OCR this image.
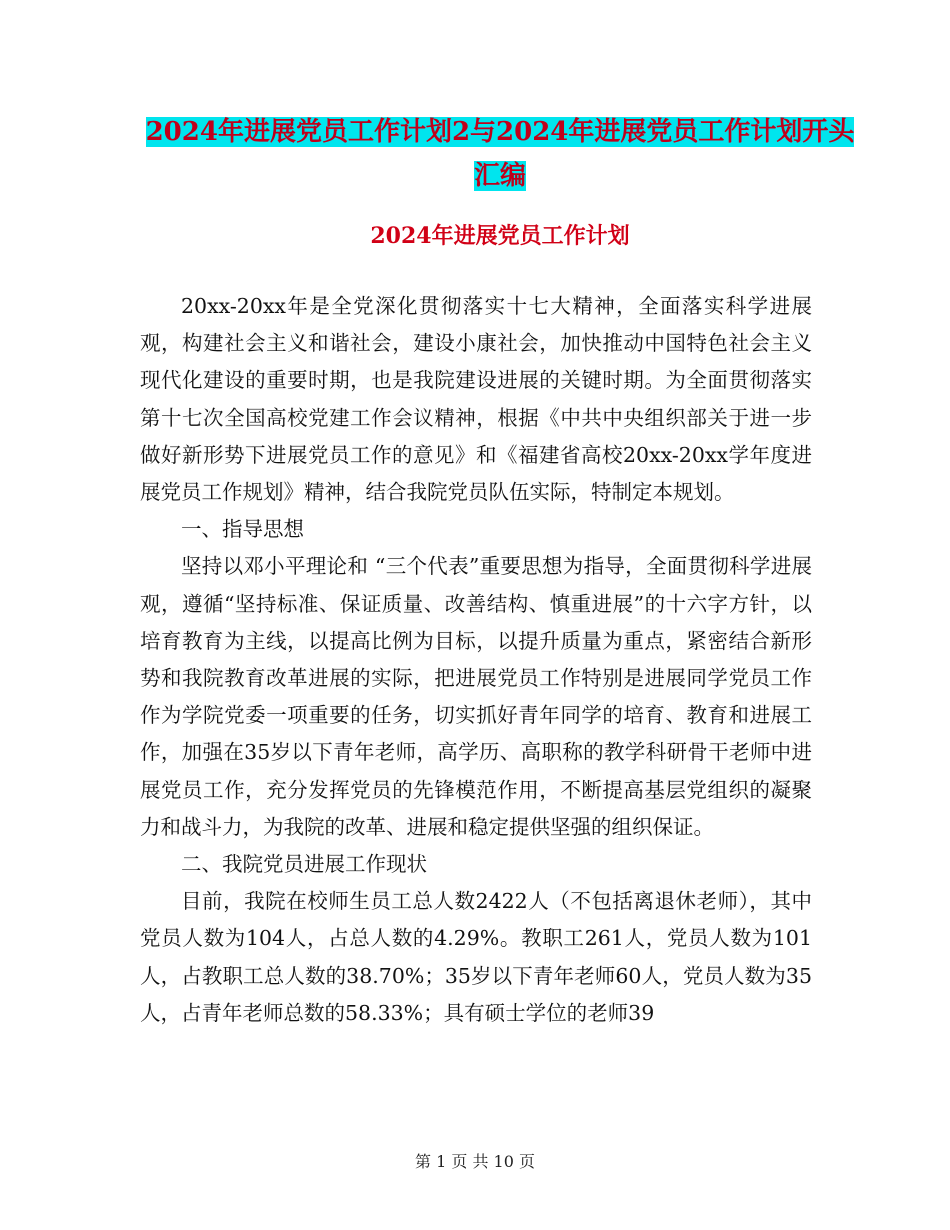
2024年进展党员工作计划2与2024年进展党员工作计划开头汇编
2024年进展党员工作计划

20xx-20xx年是全党深化贯彻落实十七大精神，全面落实科学进展观，构建社会主义和谐社会，建设小康社会，加快推动中国特色社会主义现代化建设的重要时期，也是我院建设进展的关键时期。为全面贯彻落实第十七次全国高校党建工作会议精神，根据《中共中央组织部关于进一步做好新形势下进展党员工作的意见》和《福建省高校20xx-20xx学年度进展党员工作规划》精神，结合我院党员队伍实际，特制定本规划。

一、指导思想

坚持以邓小平理论和 “三个代表”重要思想为指导，全面贯彻科学进展观，遵循“坚持标准、保证质量、改善结构、慎重进展”的十六字方针，以培育教育为主线，以提高比例为目标，以提升质量为重点，紧密结合新形势和我院教育改革进展的实际，把进展党员工作特别是进展同学党员工作作为学院党委一项重要的任务，切实抓好青年同学的培育、教育和进展工作，加强在35岁以下青年老师，高学历、高职称的教学科研骨干老师中进展党员工作，充分发挥党员的先锋模范作用，不断提高基层党组织的凝聚力和战斗力，为我院的改革、进展和稳定提供坚强的组织保证。

二、我院党员进展工作现状

目前，我院在校师生员工总人数2422人（不包括离退休老师），其中党员人数为104人，占总人数的4.29%。教职工261人，党员人数为101人，占教职工总人数的38.70%；35岁以下青年老师60人，党员人数为35人，占青年老师总数的58.33%；具有硕士学位的老师39

第 1 页 共 10 页
